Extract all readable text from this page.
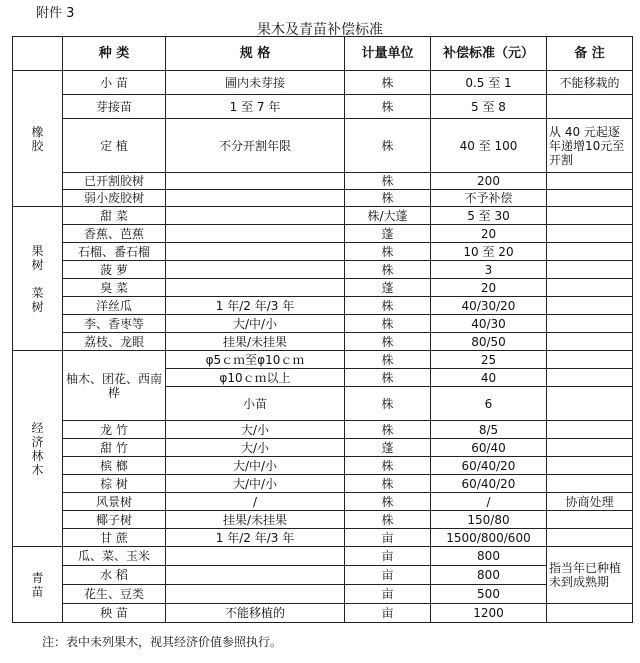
附件 3
果木及青苗补偿标准
	种 类	规 格	计量单位	补偿标准（元）	备 注

橡
胶	小 苗	圃内未芽接	株	0.5 至 1	不能移栽的
	芽接苗	1 至 7 年	株	5 至 8	
	定 植	不分开割年限	株	40 至 100	从 40 元起逐年递增10元至开割
	已开割胶树		株	200	
	弱小废胶树		株	不予补偿	

果
树

菜
树	甜 菜		株/大蓬	5 至 30	
	香蕉、芭蕉		蓬	20	
	石榴、番石榴		株	10 至 20	
	菠 萝		株	3	
	臭 菜		蓬	20	
	洋丝瓜	1 年/2 年/3 年	株	40/30/20	
	李、香枣等	大/中/小	株	40/30	
	荔枝、龙眼	挂果/未挂果	株	80/50	

经
济
林
木	柚木、团花、西南桦	φ5ｃｍ至φ10ｃｍ	株	25	
		φ10ｃｍ以上	株	40	
		小苗	株	6	
	龙 竹	大/小	株	8/5	
	甜 竹	大/小	蓬	60/40	
	槟 榔	大/中/小	株	60/40/20	
	棕 树	大/中/小	株	60/40/20	
	风景树	/	株	/	协商处理
	椰子树	挂果/未挂果	株	150/80	
	甘 蔗	1 年/2 年/3 年	亩	1500/800/600	

青
苗	瓜、菜、玉米		亩	800	指当年已种植未到成熟期
	水 稻		亩	800	
	花生、豆类		亩	500	
	秧 苗	不能移植的	亩	1200	
注：表中未列果木，视其经济价值参照执行。
